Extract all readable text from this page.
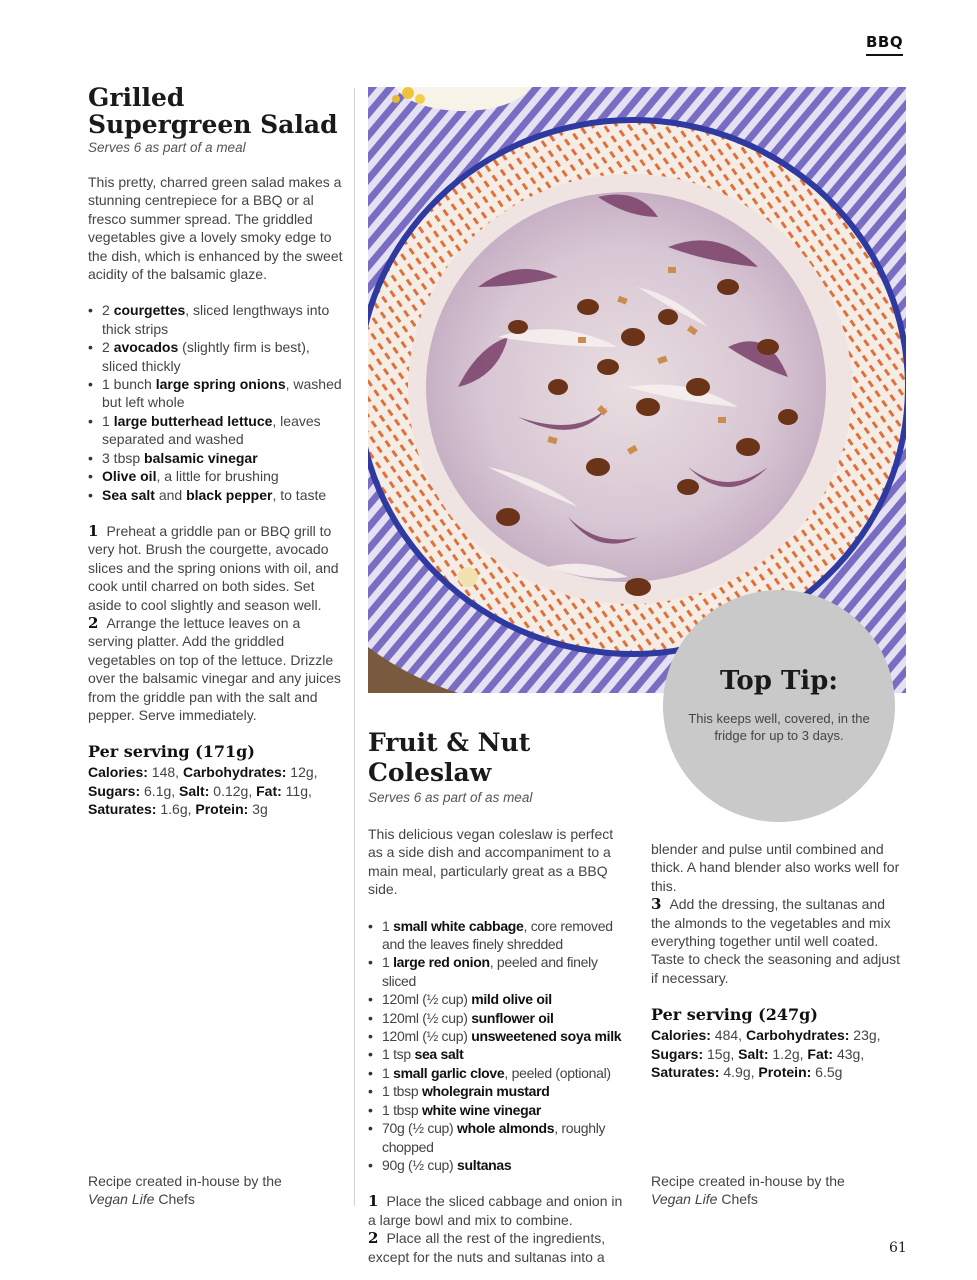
BBQ
Grilled Supergreen Salad
Serves 6 as part of a meal
This pretty, charred green salad makes a stunning centrepiece for a BBQ or al fresco summer spread. The griddled vegetables give a lovely smoky edge to the dish, which is enhanced by the sweet acidity of the balsamic glaze.
• 2 courgettes, sliced lengthways into thick strips
• 2 avocados (slightly firm is best), sliced thickly
• 1 bunch large spring onions, washed but left whole
• 1 large butterhead lettuce, leaves separated and washed
• 3 tbsp balsamic vinegar
• Olive oil, a little for brushing
• Sea salt and black pepper, to taste

1 Preheat a griddle pan or BBQ grill to very hot. Brush the courgette, avocado slices and the spring onions with oil, and cook until charred on both sides. Set aside to cool slightly and season well.

2 Arrange the lettuce leaves on a serving platter. Add the griddled vegetables on top of the lettuce. Drizzle over the balsamic vinegar and any juices from the griddle pan with the salt and pepper. Serve immediately.

Per serving (171g)
Calories: 148, Carbohydrates: 12g, Sugars: 6.1g, Salt: 0.12g, Fat: 11g, Saturates: 1.6g, Protein: 3g
Recipe created in-house by the
Vegan Life Chefs
Top Tip:
This keeps well, covered, in the fridge for up to 3 days.
Fruit & Nut Coleslaw
Serves 6 as part of as meal
This delicious vegan coleslaw is perfect as a side dish and accompaniment to a main meal, particularly great as a BBQ side.
• 1 small white cabbage, core removed and the leaves finely shredded
• 1 large red onion, peeled and finely sliced
• 120ml (½ cup) mild olive oil
• 120ml (½ cup) sunflower oil
• 120ml (½ cup) unsweetened soya milk
• 1 tsp sea salt
• 1 small garlic clove, peeled (optional)
• 1 tbsp wholegrain mustard
• 1 tbsp white wine vinegar
• 70g (½ cup) whole almonds, roughly chopped
• 90g (½ cup) sultanas

1 Place the sliced cabbage and onion in a large bowl and mix to combine.

2 Place all the rest of the ingredients, except for the nuts and sultanas into a

blender and pulse until combined and thick. A hand blender also works well for this.

3 Add the dressing, the sultanas and the almonds to the vegetables and mix everything together until well coated. Taste to check the seasoning and adjust if necessary.

Per serving (247g)
Calories: 484, Carbohydrates: 23g, Sugars: 15g, Salt: 1.2g, Fat: 43g, Saturates: 4.9g, Protein: 6.5g
Recipe created in-house by the
Vegan Life Chefs
61
